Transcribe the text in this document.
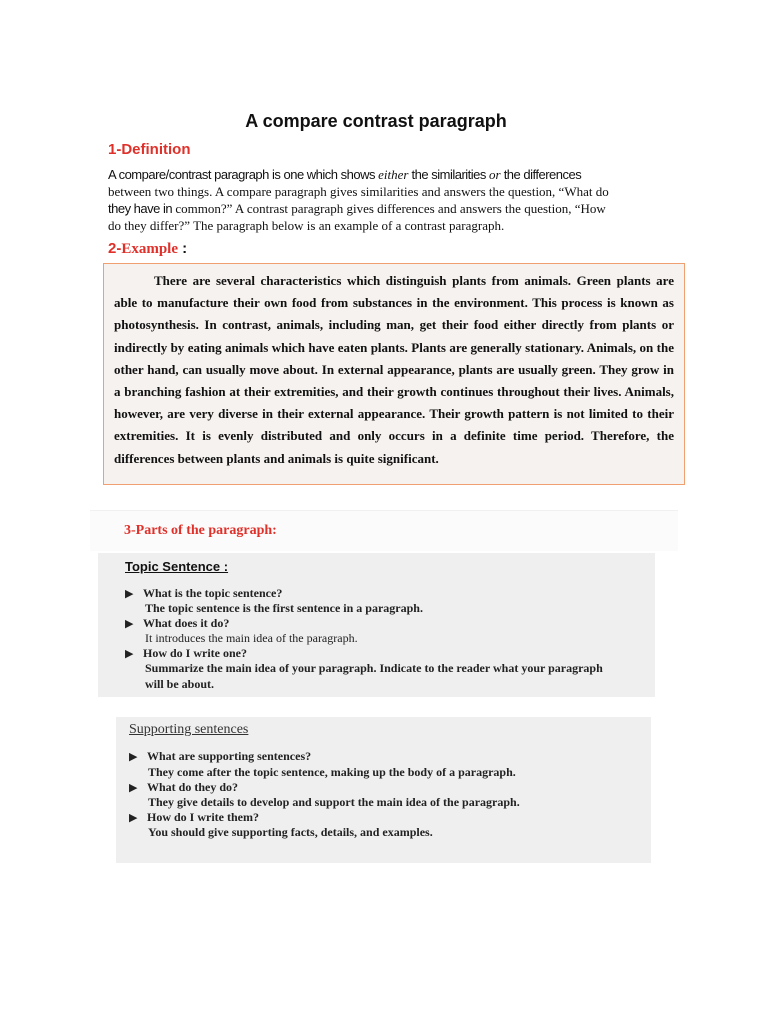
A compare contrast paragraph
1-Definition
A compare/contrast paragraph is one which shows either the similarities or the differences
between two things. A compare paragraph gives similarities and answers the question, “What do
they have in common?” A contrast paragraph gives differences and answers the question, “How
do they differ?” The paragraph below is an example of a contrast paragraph.
2-Example :

There are several characteristics which distinguish plants from animals. Green plants are able to manufacture their own food from substances in the environment. This process is known as photosynthesis. In contrast, animals, including man, get their food either directly from plants or indirectly by eating animals which have eaten plants. Plants are generally stationary. Animals, on the other hand, can usually move about. In external appearance, plants are usually green. They grow in a branching fashion at their extremities, and their growth continues throughout their lives. Animals, however, are very diverse in their external appearance. Their growth pattern is not limited to their extremities. It is evenly distributed and only occurs in a definite time period. Therefore, the differences between plants and animals is quite significant.

3-Parts of the paragraph:
Topic Sentence :
▶ What is the topic sentence?
The topic sentence is the first sentence in a paragraph.
▶ What does it do?
It introduces the main idea of the paragraph.
▶ How do I write one?
Summarize the main idea of your paragraph. Indicate to the reader what your paragraph
will be about.
Supporting sentences
▶ What are supporting sentences?
They come after the topic sentence, making up the body of a paragraph.
▶ What do they do?
They give details to develop and support the main idea of the paragraph.
▶ How do I write them?
You should give supporting facts, details, and examples.
